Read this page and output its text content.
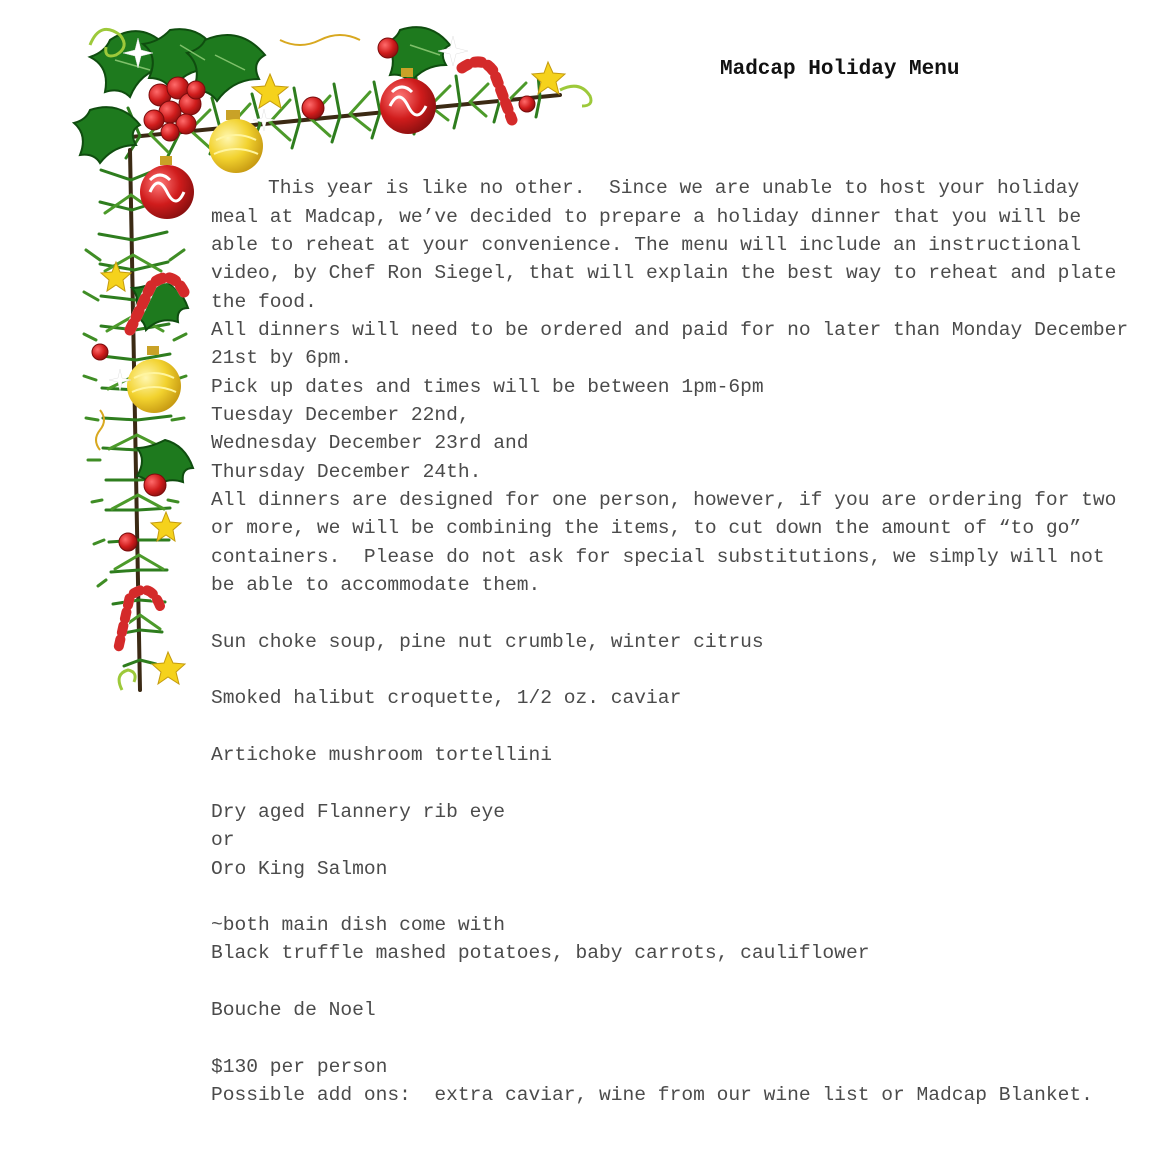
Madcap Holiday Menu
This year is like no other.  Since we are unable to host your holiday
meal at Madcap, we’ve decided to prepare a holiday dinner that you will be
able to reheat at your convenience. The menu will include an instructional
video, by Chef Ron Siegel, that will explain the best way to reheat and plate
the food.
All dinners will need to be ordered and paid for no later than Monday December
21st by 6pm.
Pick up dates and times will be between 1pm-6pm
Tuesday December 22nd,
Wednesday December 23rd and
Thursday December 24th.
All dinners are designed for one person, however, if you are ordering for two
or more, we will be combining the items, to cut down the amount of “to go”
containers.  Please do not ask for special substitutions, we simply will not
be able to accommodate them.
Sun choke soup, pine nut crumble, winter citrus
Smoked halibut croquette, 1/2 oz. caviar
Artichoke mushroom tortellini
Dry aged Flannery rib eye
or
Oro King Salmon
~both main dish come with
Black truffle mashed potatoes, baby carrots, cauliflower
Bouche de Noel
$130 per person
Possible add ons:  extra caviar, wine from our wine list or Madcap Blanket.
